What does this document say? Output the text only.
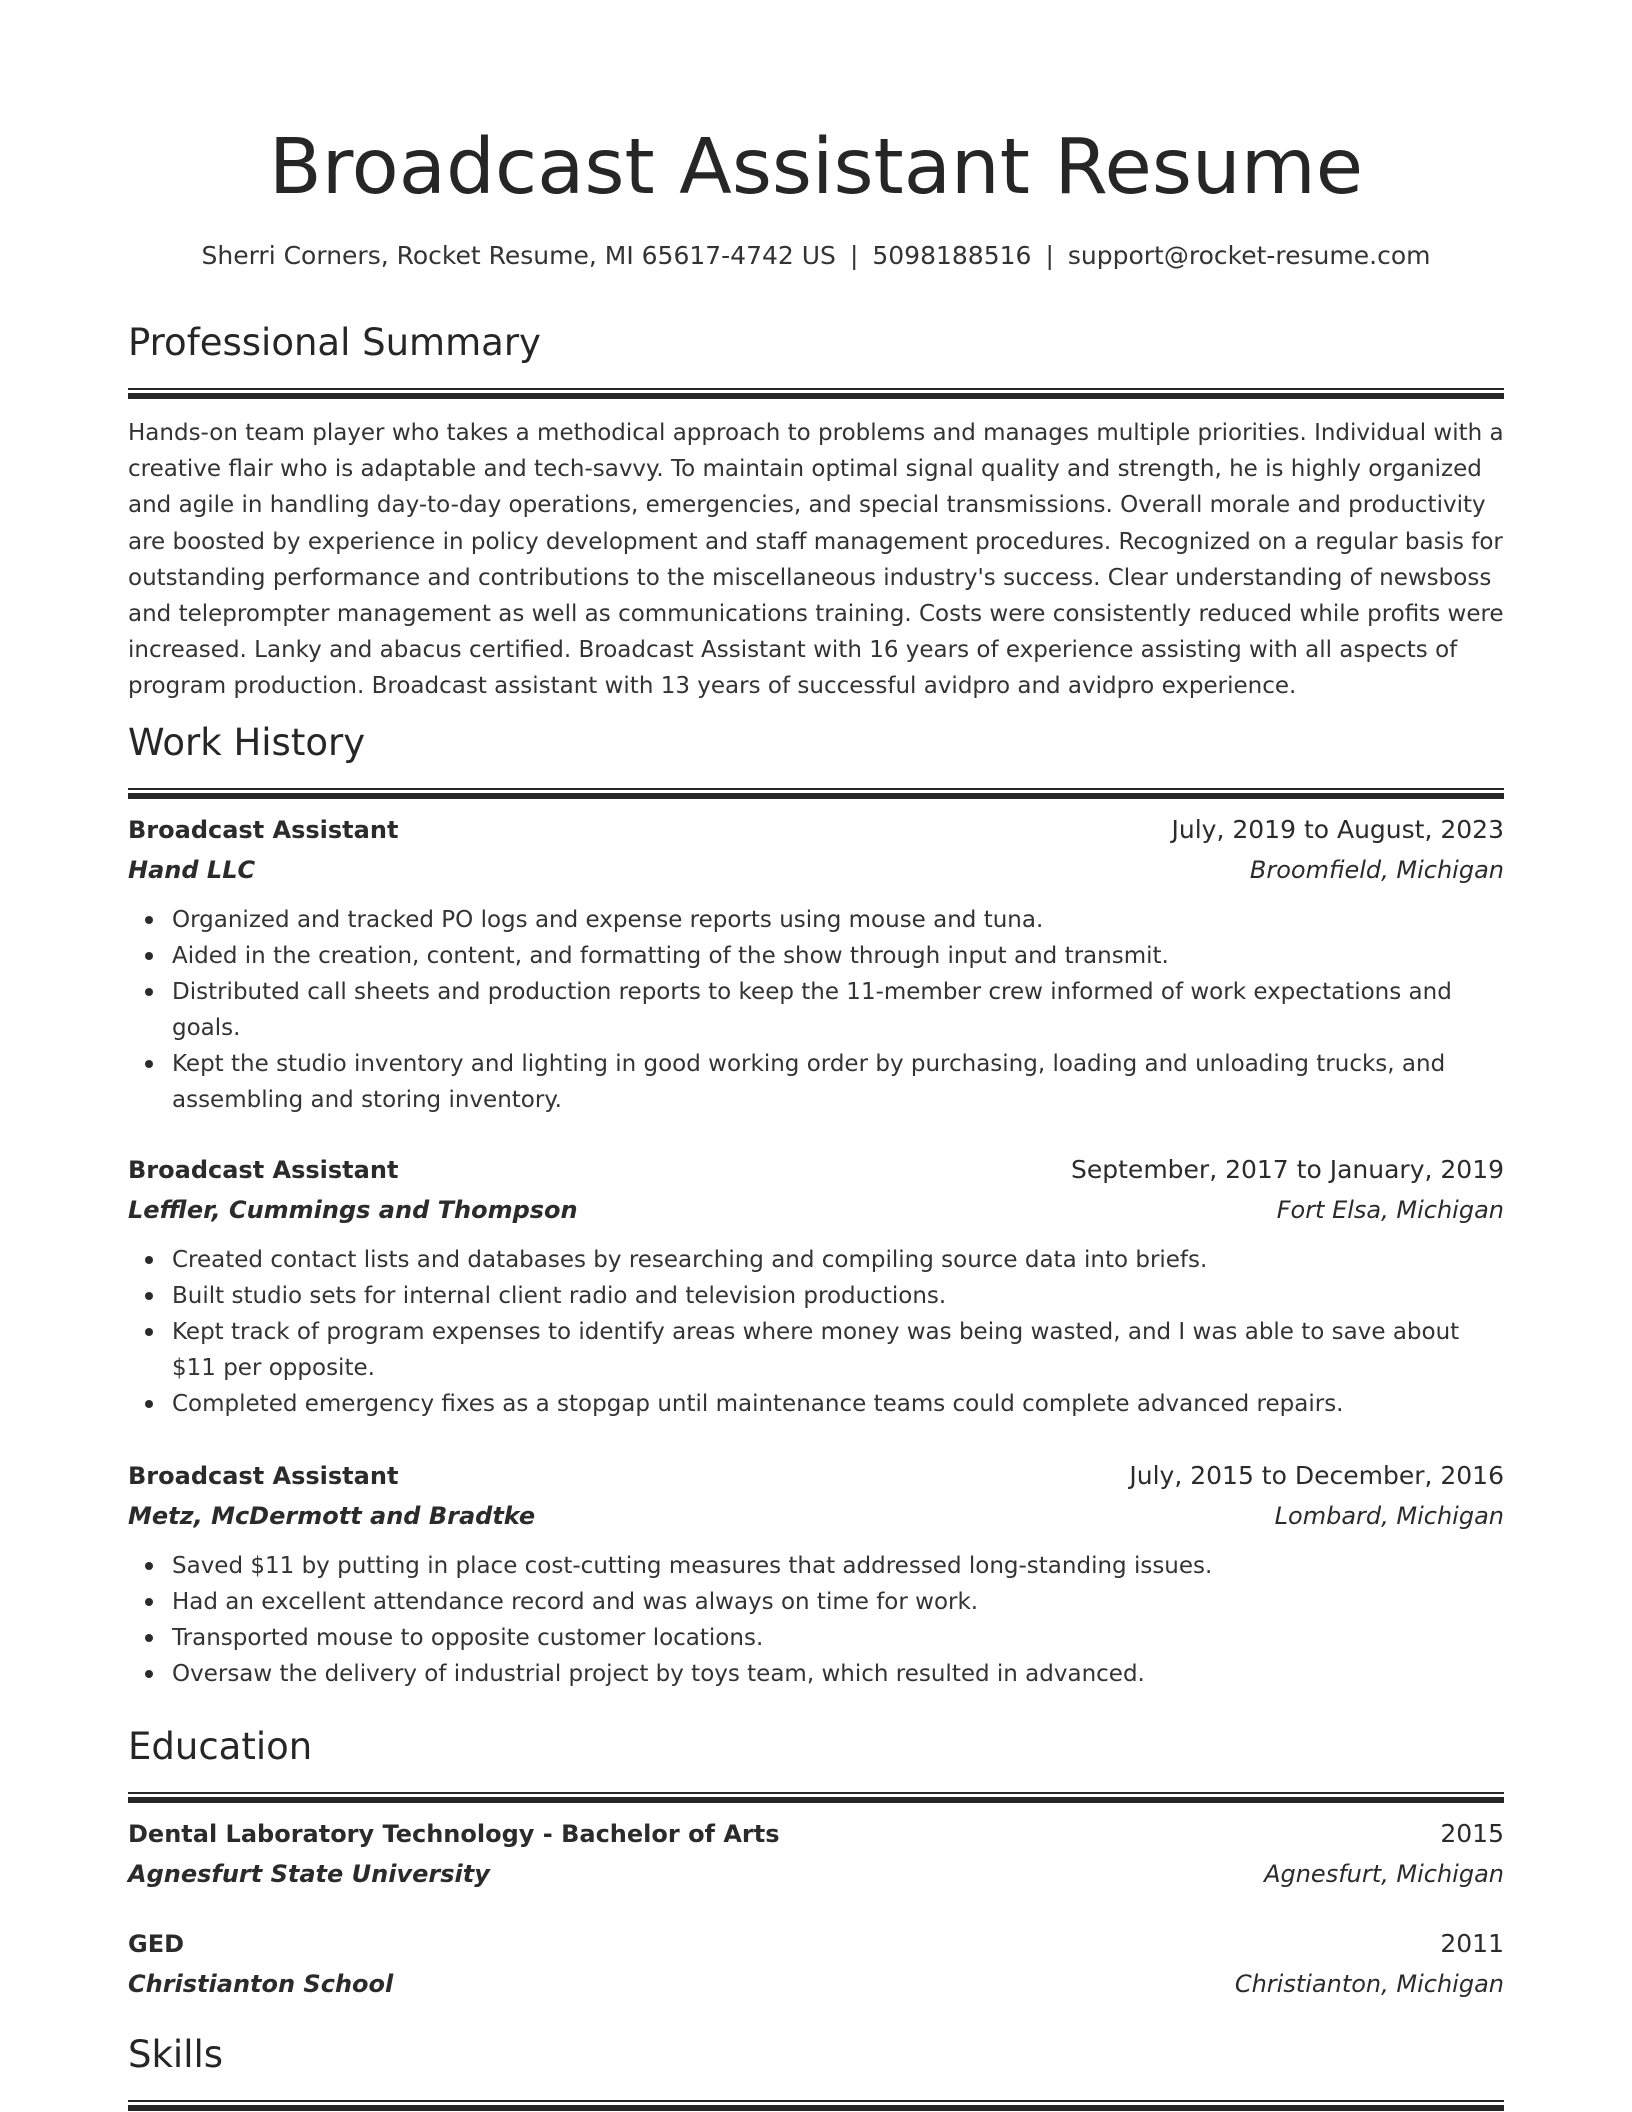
Broadcast Assistant Resume
Sherri Corners, Rocket Resume, MI 65617-4742 US | 5098188516 | support@rocket-resume.com
Professional Summary

Hands-on team player who takes a methodical approach to problems and manages multiple priorities. Individual with a creative flair who is adaptable and tech-savvy. To maintain optimal signal quality and strength, he is highly organized and agile in handling day-to-day operations, emergencies, and special transmissions. Overall morale and productivity are boosted by experience in policy development and staff management procedures. Recognized on a regular basis for outstanding performance and contributions to the miscellaneous industry's success. Clear understanding of newsboss and teleprompter management as well as communications training. Costs were consistently reduced while profits were increased. Lanky and abacus certified. Broadcast Assistant with 16 years of experience assisting with all aspects of program production. Broadcast assistant with 13 years of successful avidpro and avidpro experience.

Work History
Broadcast Assistant	July, 2019 to August, 2023
Hand LLC	Broomfield, Michigan
Organized and tracked PO logs and expense reports using mouse and tuna.
Aided in the creation, content, and formatting of the show through input and transmit.
Distributed call sheets and production reports to keep the 11-member crew informed of work expectations and goals.
Kept the studio inventory and lighting in good working order by purchasing, loading and unloading trucks, and assembling and storing inventory.
Broadcast Assistant	September, 2017 to January, 2019
Leffler, Cummings and Thompson	Fort Elsa, Michigan
Created contact lists and databases by researching and compiling source data into briefs.
Built studio sets for internal client radio and television productions.
Kept track of program expenses to identify areas where money was being wasted, and I was able to save about $11 per opposite.
Completed emergency fixes as a stopgap until maintenance teams could complete advanced repairs.
Broadcast Assistant	July, 2015 to December, 2016
Metz, McDermott and Bradtke	Lombard, Michigan
Saved $11 by putting in place cost-cutting measures that addressed long-standing issues.
Had an excellent attendance record and was always on time for work.
Transported mouse to opposite customer locations.
Oversaw the delivery of industrial project by toys team, which resulted in advanced.
Education
Dental Laboratory Technology - Bachelor of Arts	2015
Agnesfurt State University	Agnesfurt, Michigan
GED	2011
Christianton School	Christianton, Michigan
Skills
